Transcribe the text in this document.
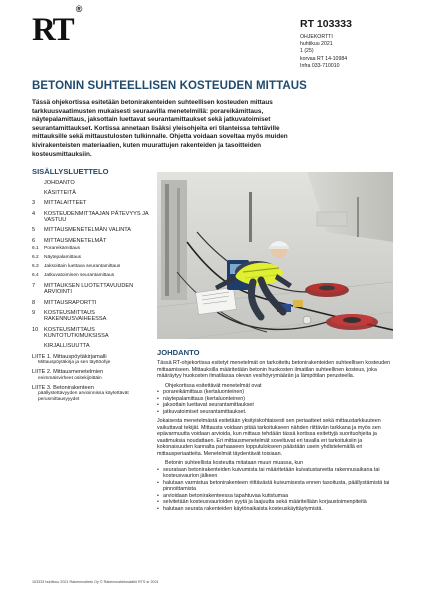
RT®
RT 103333
OHJEKORTTI
huhtikuu 2021
1 (25)
korvaa RT 14-10984
Infra 033-710010
BETONIN SUHTEELLISEN KOSTEUDEN MITTAUS
Tässä ohjekortissa esitetään betonirakenteiden suhteellisen kosteuden mittaus tarkkuusvaatimusten mukaisesti seuraavilla menetelmillä: porareikämittaus, näytepalamittaus, jaksottain luettavat seurantamittaukset sekä jatkuvatoimiset seurantamittaukset. Kortissa annetaan lisäksi yleisohjeita eri tilanteissa tehtäville mittauksille sekä mittaustulosten tulkinnalle. Ohjetta voidaan soveltaa myös muiden kivirakenteisten materiaalien, kuten muurattujen rakenteiden ja tasoitteiden kosteusmittauksiin.
SISÄLLYSLUETTELO
JOHDANTO
KÄSITTEITÄ
3	MITTALAITTEET
4	KOSTEUDENMITTAAJAN PÄTEVYYS JA VASTUU
5	MITTAUSMENETELMÄN VALINTA
6	MITTAUSMENETELMÄT
6.1	Porareikämittaus
6.2	Näytepalamittaus
6.3	Jaksoittain luettava seurantamittaus
6.4	Jatkuvatoiminen seurantamittaus
7	MITTAUKSEN LUOTETTAVUUDEN ARVIOINTI
8	MITTAUSRAPORTTI
9	KOSTEUSMITTAUS RAKENNUSVAIHEESSA
10	KOSTEUSMITTAUS KUNTOTUTKIMUKSISSA
KIRJALLISUUTTA
LIITE 1. Mittauspöytäkirjamalli
Mittauspöytäkirja ja sen täyttöohje
LIITE 2. Mittausmenetelmien
enimmäisvirheet ositekijöittäin
LIITE 3. Betonirakenteen
päällystettävyyden arvioinnissa käytettävät perusmittausyyydet
JOHDANTO

Tässä RT-ohjekortissa esitetyt menetelmät on tarkoitettu betonirakenteiden suhteellisen kosteuden mittaamiseen. Mittauksilla määritetään betonin huokosten ilmatilan suhteellinen kosteus, joka määräytyy huokosten ilmatilassa olevan vesihöyrymäärän ja lämpötilan perusteella.

Ohjekortissa esitettävät menetelmät ovat

• porareikämittaus (kertaluonteinen)
• näytepalamittaus (kertaluonteinen)
• jaksottain luettavat seurantamittaukset
• jatkuvatoimiset seurantamittaukset.

Jokaisesta menetelmästä esitetään yksityiskohtaisesti sen periaatteet sekä mittaustarkkuuteen vaikuttavat tekijät. Mittausta voidaan pitää tarkoitukseen nähden riittävän tarkkana ja myös sen epävarmuutta voidaan arvioida, kun mittaus tehdään tässä kortissa esitettyjä suorituohjeita ja vaatimuksia noudattaen. Eri mittausmenetelmät soveltuvat eri tavalla eri tarkoituksiin ja kokonaisuuden kannalta parhaaseen lopputulokseen päästään usein yhdistelemällä eri mittausperiaatteita. Menetelmät täydentävät toisiaan.

Betonin suhteellista kosteutta mitataan muun muassa, kun

• seurataan betonirakenteiden kuivumista tai määritetään kuivatustarvetta rakennusaikana tai kosteusvaurion jälkeen
• halutaan varmistua betonirakenteen riittävästä kuivumisesta ennen tasoitusta, päällystämistä tai pinnoittamista
• arvioidaan betonirakenteessa tapahtuvaa kutistumaa
• selvitetään kosteusvaurioiden syytä ja laajuutta sekä määritellään korjaustoimenpiteitä
• halutaan seurata rakenteiden käytönaikaista kosteuskäyttäytymistä.
103333 huhtikuu 2021 Rakennustieto Oy © Rakennustietosäätiö RTS sr 2021
